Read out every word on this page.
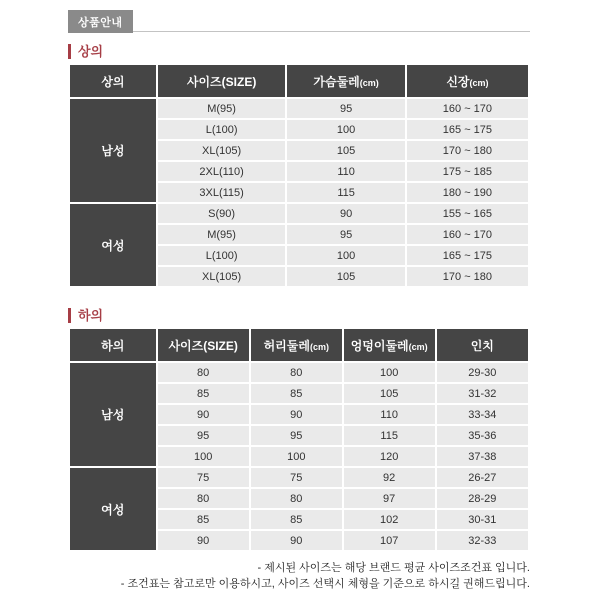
상품안내
상의
상의	사이즈(SIZE)	가슴둘레(cm)	신장(cm)
남성	M(95)	95	160 ~ 170
	L(100)	100	165 ~ 175
	XL(105)	105	170 ~ 180
	2XL(110)	110	175 ~ 185
	3XL(115)	115	180 ~ 190
여성	S(90)	90	155 ~ 165
	M(95)	95	160 ~ 170
	L(100)	100	165 ~ 175
	XL(105)	105	170 ~ 180
하의
하의	사이즈(SIZE)	허리둘레(cm)	엉덩이둘레(cm)	인치
남성	80	80	100	29-30
	85	85	105	31-32
	90	90	110	33-34
	95	95	115	35-36
	100	100	120	37-38
여성	75	75	92	26-27
	80	80	97	28-29
	85	85	102	30-31
	90	90	107	32-33
- 제시된 사이즈는 해당 브랜드 평균 사이즈조건표 입니다.
- 조건표는 참고로만 이용하시고, 사이즈 선택시 체형을 기준으로 하시길 권해드립니다.
